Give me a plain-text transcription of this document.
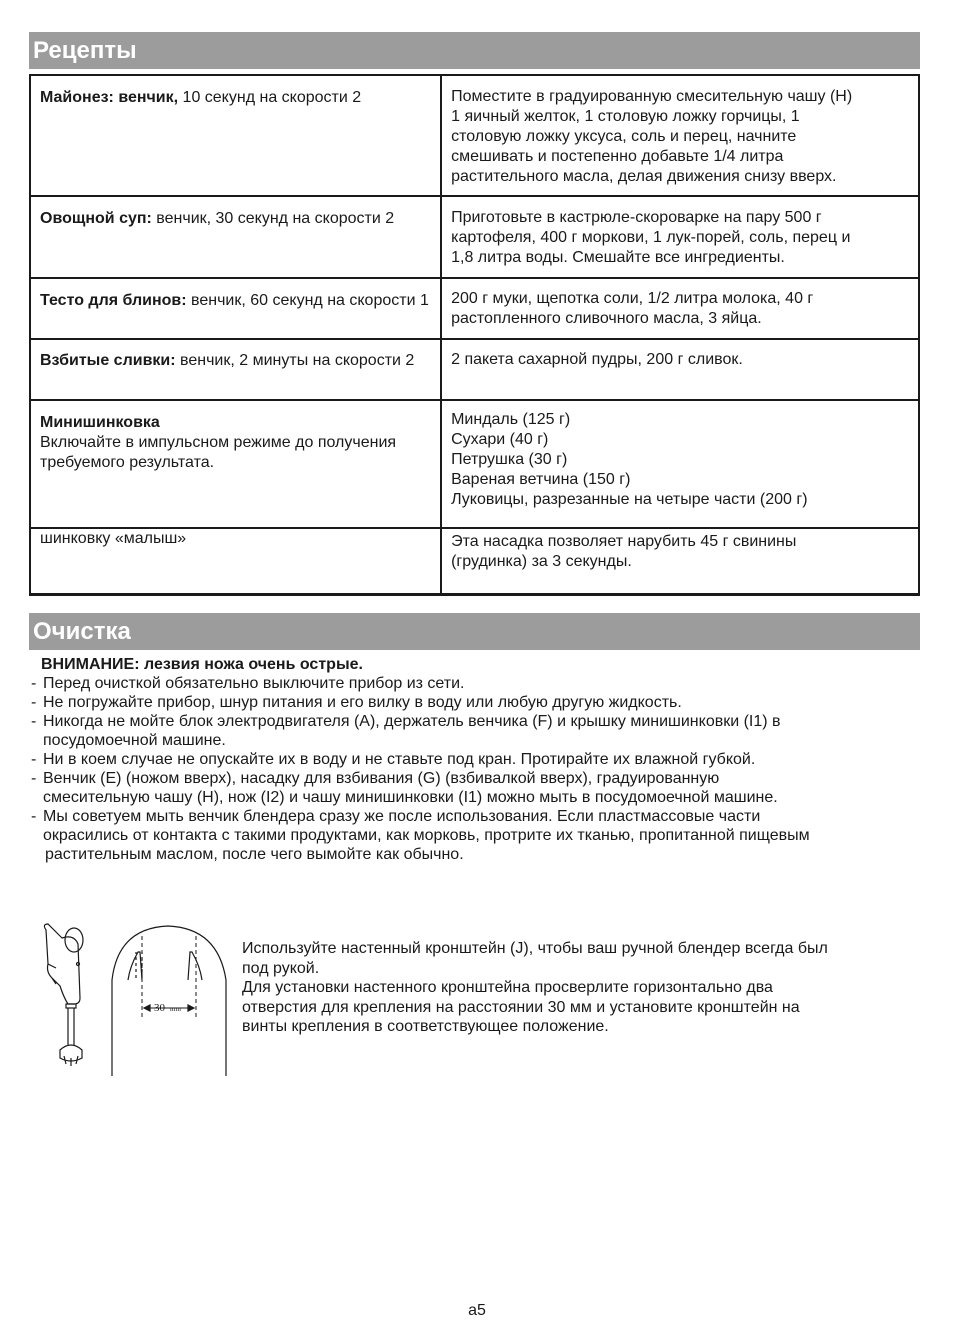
Рецепты
Майонез: венчик, 10 секунд на скорости 2	Поместите в градуированную смесительную чашу (H)
1 яичный желток, 1 столовую ложку горчицы, 1
столовую ложку уксуса, соль и перец, начните
смешивать и постепенно добавьте 1/4 литра
растительного масла, делая движения снизу вверх.

Овощной суп: венчик, 30 секунд на скорости 2	Приготовьте в кастрюле-скороварке на пару 500 г
картофеля, 400 г моркови, 1 лук-порей, соль, перец и
1,8 литра воды. Смешайте все ингредиенты.

Тесто для блинов: венчик, 60 секунд на скорости 1	200 г муки, щепотка соли, 1/2 литра молока, 40 г
растопленного сливочного масла, 3 яйца.

Взбитые сливки: венчик, 2 минуты на скорости 2	2 пакета сахарной пудры, 200 г сливок.

Минишинковка
Включайте в импульсном режиме до получения требуемого результата.	Миндаль (125 г)
Сухари (40 г)
Петрушка (30 г)
Вареная ветчина (150 г)
Луковицы, разрезанные на четыре части (200 г)

шинковку «малыш»	Эта насадка позволяет нарубить 45 г свинины
(грудинка) за 3 секунды.
Очистка
ВНИМАНИЕ: лезвия ножа очень острые.
- Перед очисткой обязательно выключите прибор из сети.
- Не погружайте прибор, шнур питания и его вилку в воду или любую другую жидкость.
- Никогда не мойте блок электродвигателя (A), держатель венчика (F) и крышку минишинковки (I1) в
посудомоечной машине.
- Ни в коем случае не опускайте их в воду и не ставьте под кран. Протирайте их влажной губкой.
- Венчик (E) (ножом вверх), насадку для взбивания (G) (взбивалкой вверх), градуированную
смесительную чашу (H), нож (I2) и чашу минишинковки (I1) можно мыть в посудомоечной машине.
- Мы советуем мыть венчик блендера сразу же после использования. Если пластмассовые части
окрасились от контакта с такими продуктами, как морковь, протрите их тканью, пропитанной пищевым
растительным маслом, после чего вымойте как обычно.
30 mm
Используйте настенный кронштейн (J), чтобы ваш ручной блендер всегда был
под рукой.
Для установки настенного кронштейна просверлите горизонтально два
отверстия для крепления на расстоянии 30 мм и установите кронштейн на
винты крепления в соответствующее положение.
a5
